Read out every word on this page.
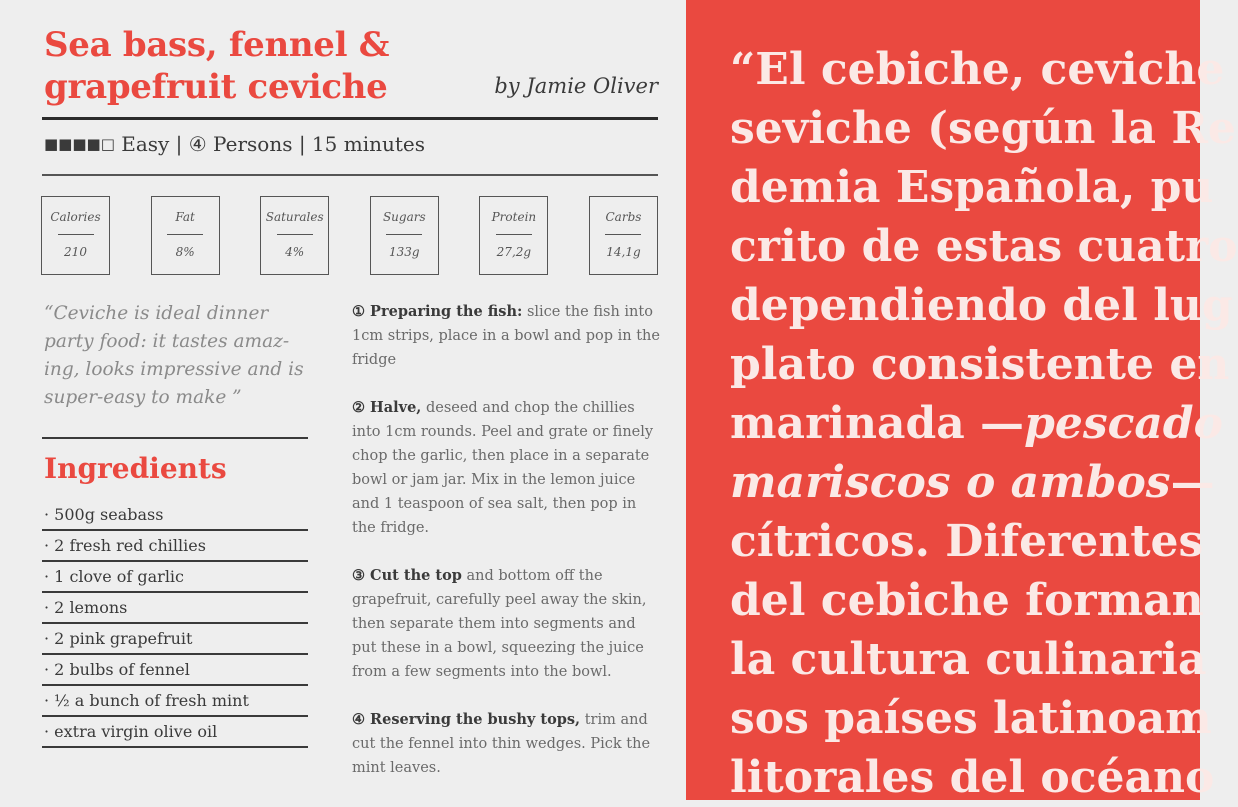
Sea bass, fennel &
grapefruit ceviche	by Jamie Oliver
■■■■□ Easy | ④ Persons | 15 minutes
Calories
210
Fat
8%
Saturales
4%
Sugars
133g
Protein
27,2g
Carbs
14,1g

“Ceviche is ideal dinner party food: it tastes amaz-ing, looks impressive and is super-easy to make ”

Ingredients
· 500g seabass
· 2 fresh red chillies
· 1 clove of garlic
· 2 lemons
· 2 pink grapefruit
· 2 bulbs of fennel
· ½ a bunch of fresh mint
· extra virgin olive oil

① Preparing the fish: slice the fish into 1cm strips, place in a bowl and pop in the fridge

② Halve, deseed and chop the chillies into 1cm rounds. Peel and grate or finely chop the garlic, then place in a separate bowl or jam jar. Mix in the lemon juice and 1 teaspoon of sea salt, then pop in the fridge.

③ Cut the top and bottom off the grapefruit, carefully peel away the skin, then separate them into segments and put these in a bowl, squeezing the juice from a few segments into the bowl.

④ Reserving the bushy tops, trim and cut the fennel into thin wedges. Pick the mint leaves.

“El cebiche, ceviche
seviche (según la Re
demia Española, pu
crito de estas cuatro
dependiendo del lug
plato consistente en
marinada —pescado
mariscos o ambos—
cítricos. Diferentes
del cebiche forman
la cultura culinaria
sos países latinoam
litorales del océano
